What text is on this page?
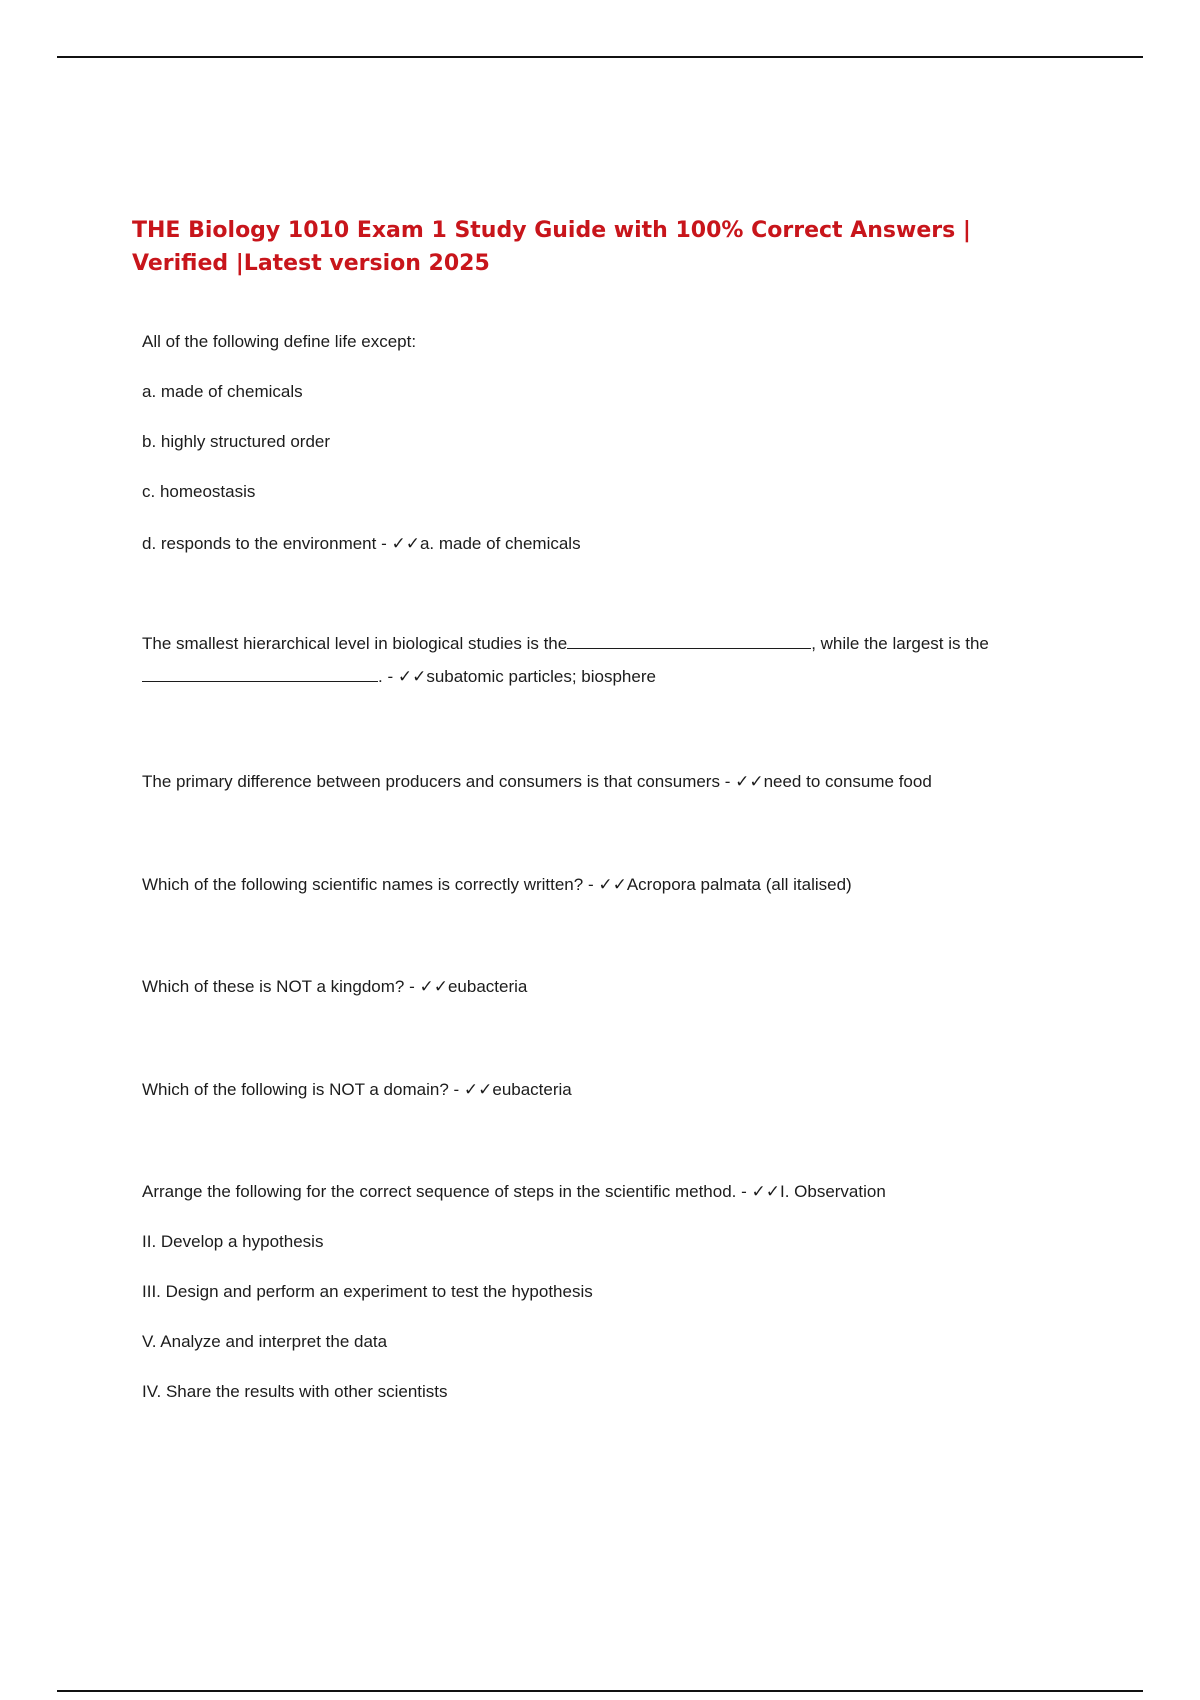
THE Biology 1010 Exam 1 Study Guide with 100% Correct Answers | Verified |Latest version 2025

All of the following define life except:

a. made of chemicals

b. highly structured order

c. homeostasis

d. responds to the environment - ✓✓a. made of chemicals

The smallest hierarchical level in biological studies is the	, while the largest is the

. - ✓✓subatomic particles; biosphere

The primary difference between producers and consumers is that consumers - ✓✓need to consume food

Which of the following scientific names is correctly written? - ✓✓Acropora palmata (all italised)

Which of these is NOT a kingdom? - ✓✓eubacteria

Which of the following is NOT a domain? - ✓✓eubacteria

Arrange the following for the correct sequence of steps in the scientific method. - ✓✓I. Observation

II. Develop a hypothesis

III. Design and perform an experiment to test the hypothesis

V. Analyze and interpret the data

IV. Share the results with other scientists
